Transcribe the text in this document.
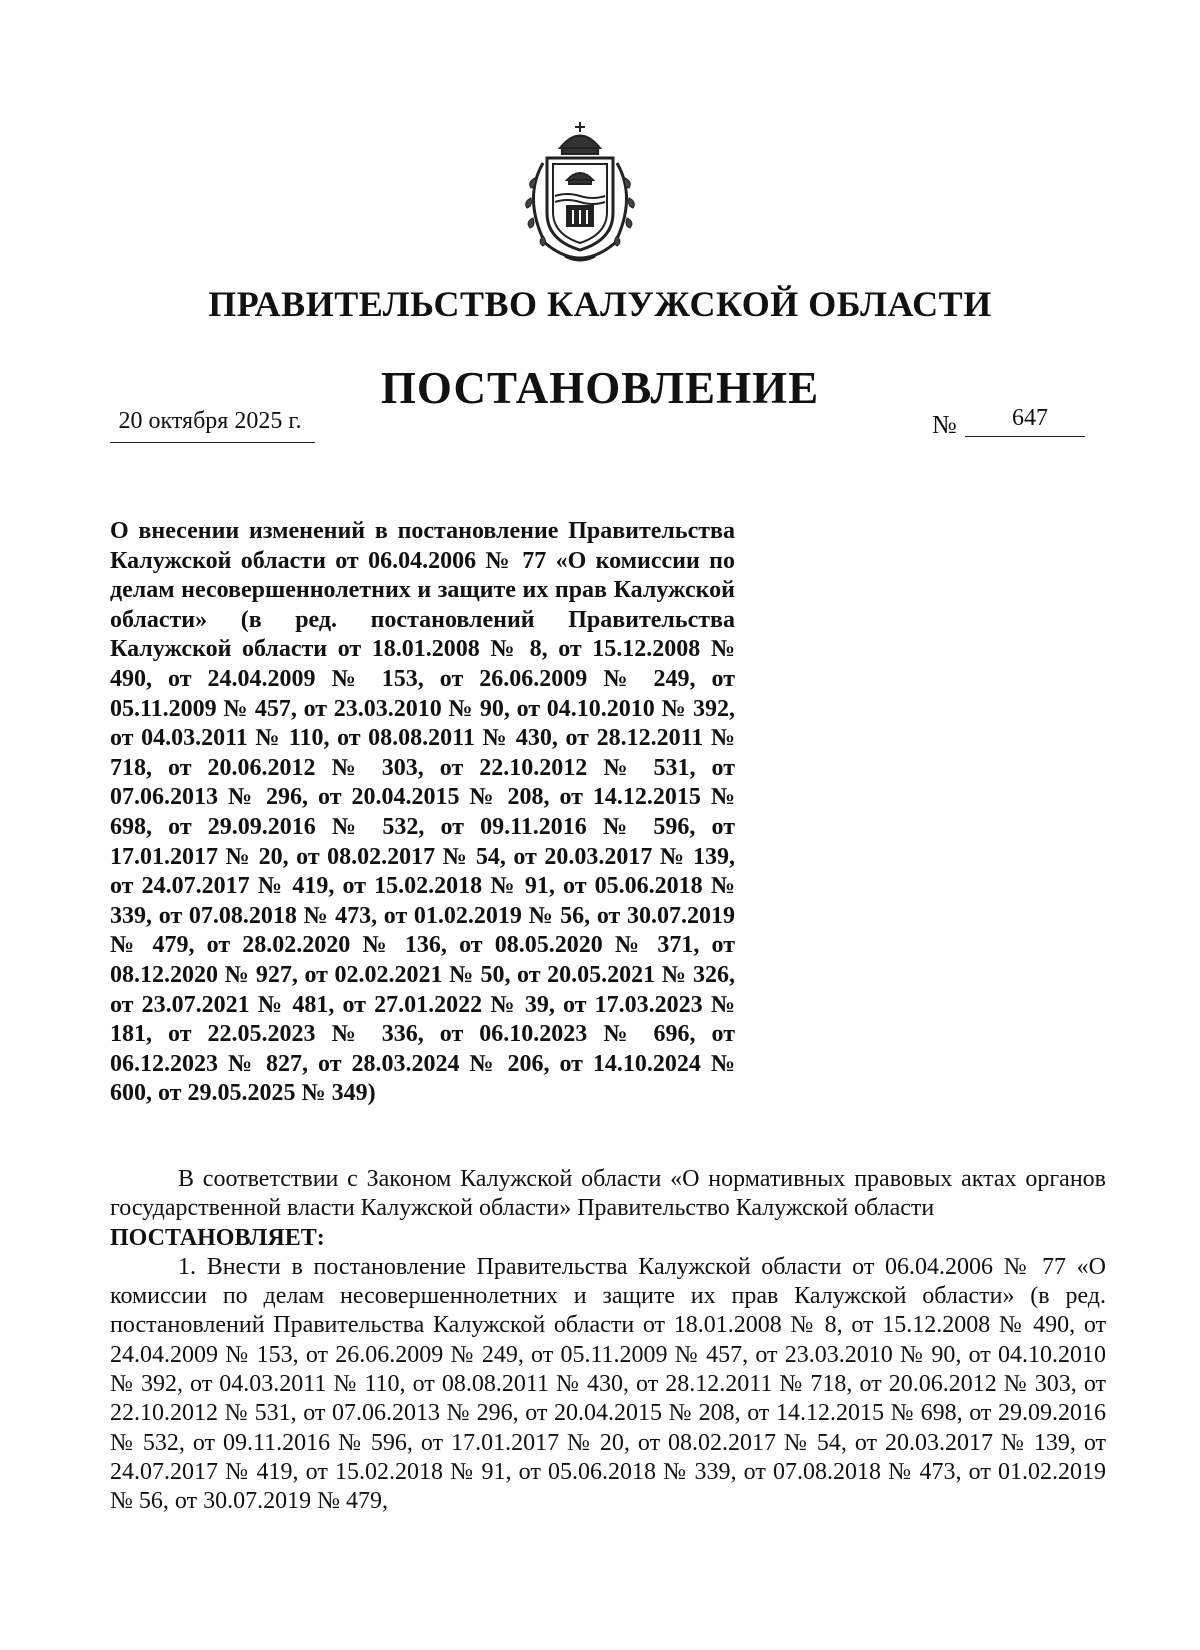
ПРАВИТЕЛЬСТВО КАЛУЖСКОЙ ОБЛАСТИ
ПОСТАНОВЛЕНИЕ
20 октября 2025 г.	№	647
О внесении изменений в постановление Правительства Калужской области от 06.04.2006 № 77 «О комиссии по делам несовершеннолетних и защите их прав Калужской области» (в ред. постановлений Правительства Калужской области от 18.01.2008 № 8, от 15.12.2008 № 490, от 24.04.2009 № 153, от 26.06.2009 № 249, от 05.11.2009 № 457, от 23.03.2010 № 90, от 04.10.2010 № 392, от 04.03.2011 № 110, от 08.08.2011 № 430, от 28.12.2011 № 718, от 20.06.2012 № 303, от 22.10.2012 № 531, от 07.06.2013 № 296, от 20.04.2015 № 208, от 14.12.2015 № 698, от 29.09.2016 № 532, от 09.11.2016 № 596, от 17.01.2017 № 20, от 08.02.2017 № 54, от 20.03.2017 № 139, от 24.07.2017 № 419, от 15.02.2018 № 91, от 05.06.2018 № 339, от 07.08.2018 № 473, от 01.02.2019 № 56, от 30.07.2019 № 479, от 28.02.2020 № 136, от 08.05.2020 № 371, от 08.12.2020 № 927, от 02.02.2021 № 50, от 20.05.2021 № 326, от 23.07.2021 № 481, от 27.01.2022 № 39, от 17.03.2023 № 181, от 22.05.2023 № 336, от 06.10.2023 № 696, от 06.12.2023 № 827, от 28.03.2024 № 206, от 14.10.2024 № 600, от 29.05.2025 № 349)

В соответствии с Законом Калужской области «О нормативных правовых актах органов государственной власти Калужской области» Правительство Калужской области

ПОСТАНОВЛЯЕТ:

1. Внести в постановление Правительства Калужской области от 06.04.2006 № 77 «О комиссии по делам несовершеннолетних и защите их прав Калужской области» (в ред. постановлений Правительства Калужской области от 18.01.2008 № 8, от 15.12.2008 № 490, от 24.04.2009 № 153, от 26.06.2009 № 249, от 05.11.2009 № 457, от 23.03.2010 № 90, от 04.10.2010 № 392, от 04.03.2011 № 110, от 08.08.2011 № 430, от 28.12.2011 № 718, от 20.06.2012 № 303, от 22.10.2012 № 531, от 07.06.2013 № 296, от 20.04.2015 № 208, от 14.12.2015 № 698, от 29.09.2016 № 532, от 09.11.2016 № 596, от 17.01.2017 № 20, от 08.02.2017 № 54, от 20.03.2017 № 139, от 24.07.2017 № 419, от 15.02.2018 № 91, от 05.06.2018 № 339, от 07.08.2018 № 473, от 01.02.2019 № 56, от 30.07.2019 № 479,
